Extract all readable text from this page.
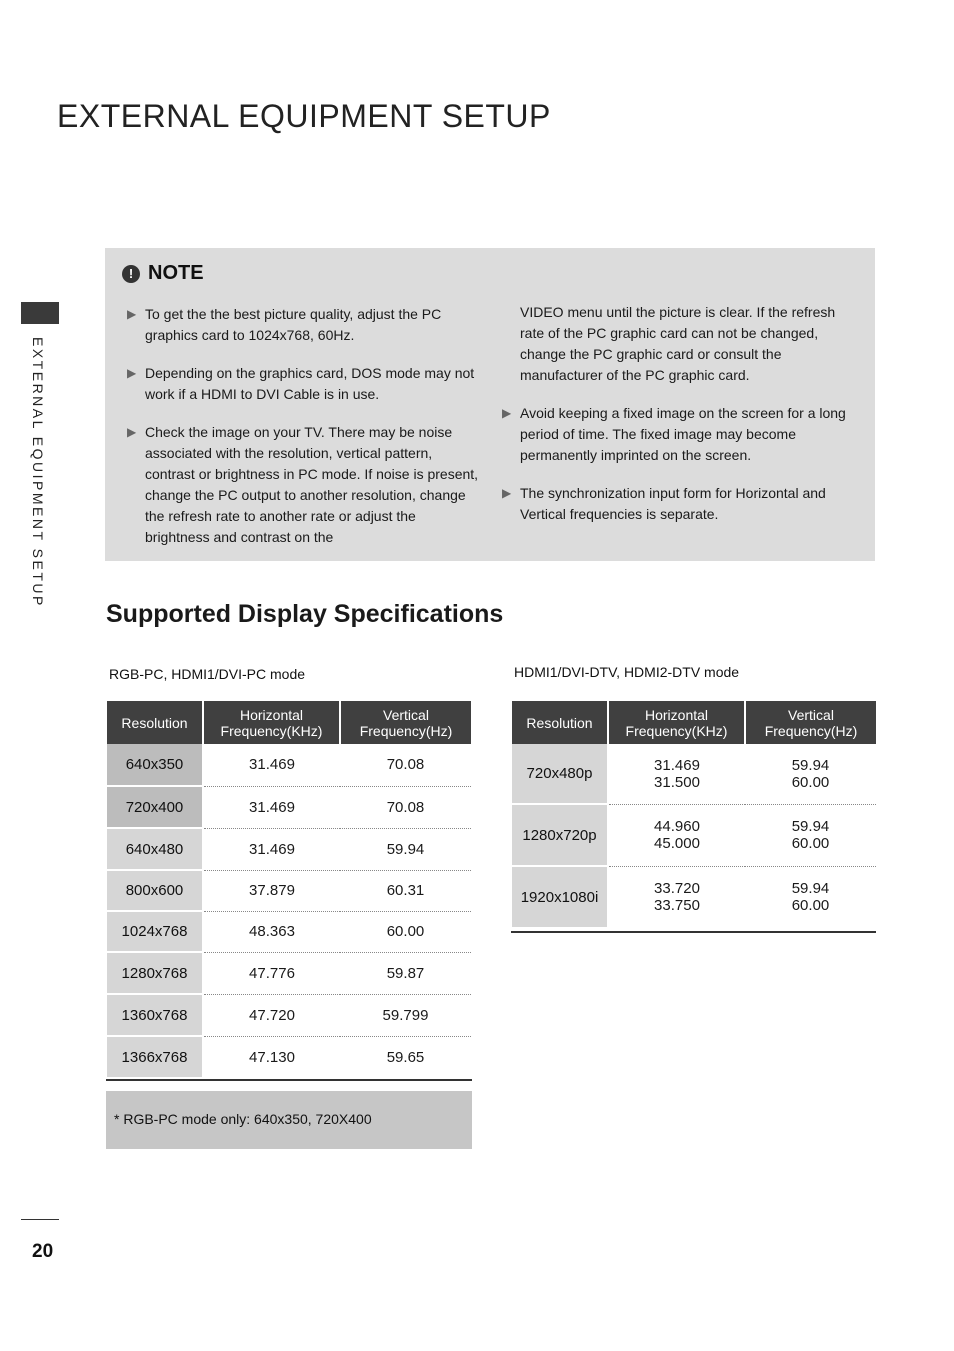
EXTERNAL EQUIPMENT SETUP
EXTERNAL EQUIPMENT SETUP
! NOTE
▶ To get the the best picture quality, adjust the PC graphics card to 1024x768, 60Hz.
▶ Depending on the graphics card, DOS mode may not work if a HDMI to DVI Cable is in use.
▶ Check the image on your TV. There may be noise associated with the resolution, vertical pattern, contrast or brightness in PC mode. If noise is present, change the PC output to another resolution, change the refresh rate to another rate or adjust the brightness and contrast on the
VIDEO menu until the picture is clear. If the refresh rate of the PC graphic card can not be changed, change the PC graphic card or consult the manufacturer of the PC graphic card.
▶ Avoid keeping a fixed image on the screen for a long period of time. The fixed image may become permanently imprinted on the screen.
▶ The synchronization input form for Horizontal and Vertical frequencies is separate.
Supported Display Specifications
RGB-PC, HDMI1/DVI-PC mode	HDMI1/DVI-DTV, HDMI2-DTV mode
Resolution	Horizontal Frequency(KHz)	Vertical Frequency(Hz)
640x350	31.469	70.08
720x400	31.469	70.08
640x480	31.469	59.94
800x600	37.879	60.31
1024x768	48.363	60.00
1280x768	47.776	59.87
1360x768	47.720	59.799
1366x768	47.130	59.65
* RGB-PC mode only: 640x350, 720X400
Resolution	Horizontal Frequency(KHz)	Vertical Frequency(Hz)
720x480p	31.469	59.94
	31.500	60.00
1280x720p	44.960	59.94
	45.000	60.00
1920x1080i	33.720	59.94
	33.750	60.00
20
